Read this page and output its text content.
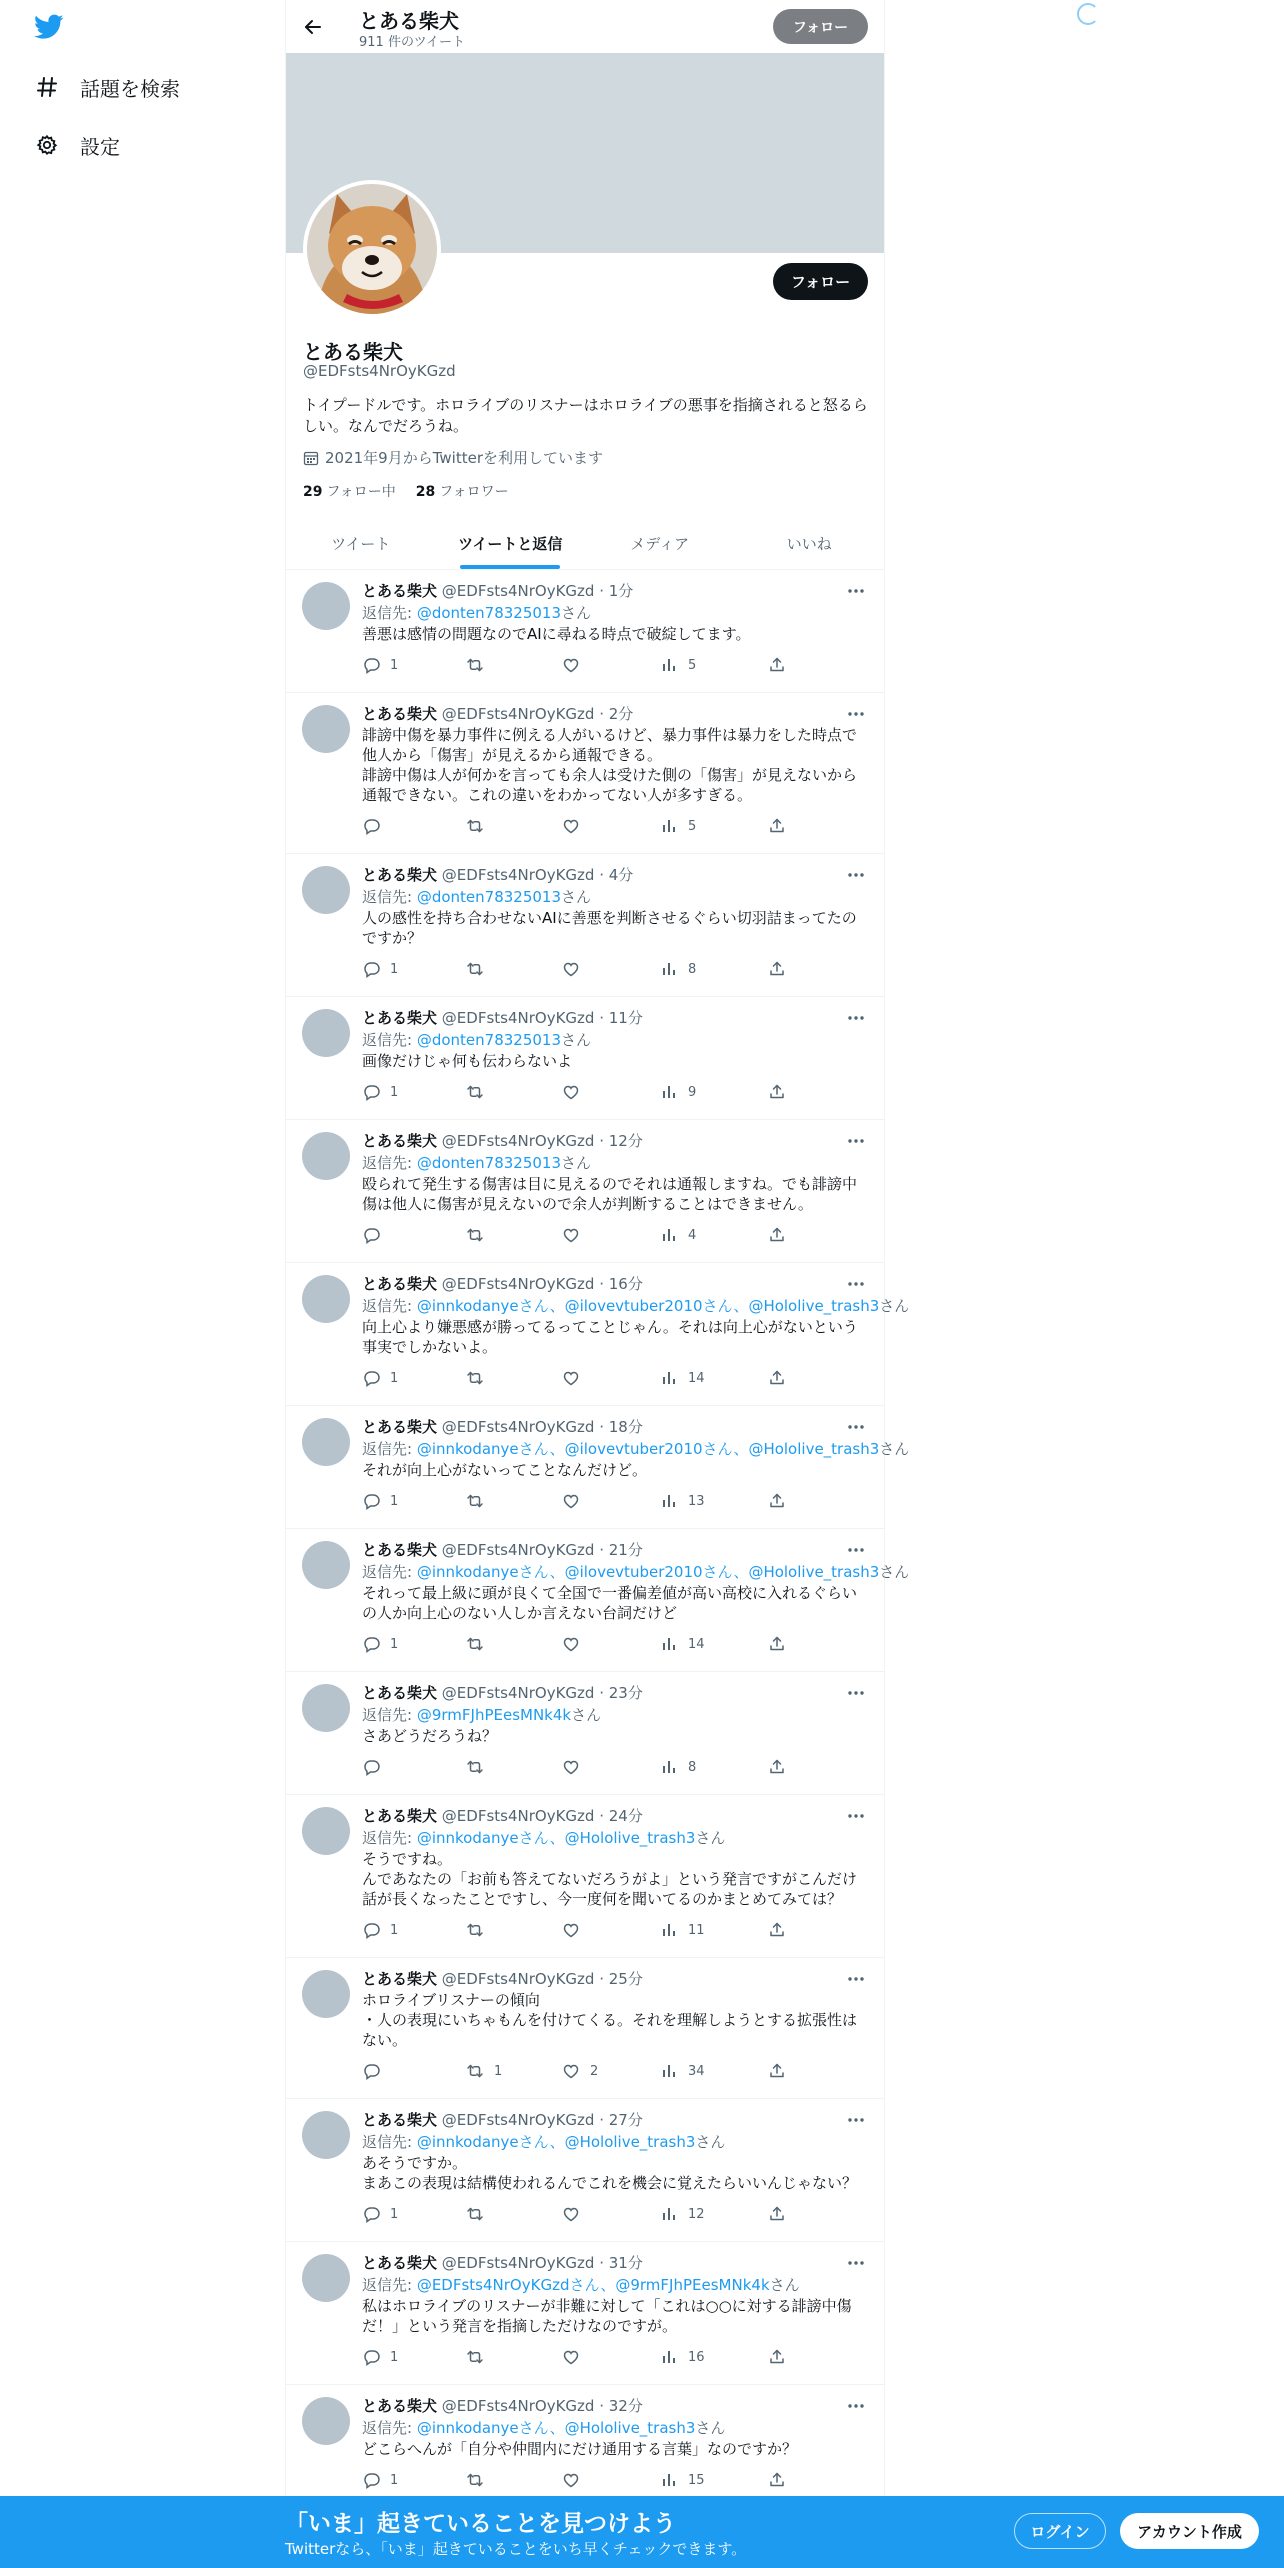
話題を検索
設定
とある柴犬
911 件のツイート
フォロー
フォロー
とある柴犬
@EDFsts4NrOyKGzd
トイプードルです。ホロライブのリスナーはホロライブの悪事を指摘されると怒るらしい。なんでだろうね。
2021年9月からTwitterを利用しています
29 フォロー中 28 フォロワー
ツイート	ツイートと返信	メディア	いいね
とある柴犬 @EDFsts4NrOyKGzd · 1分
返信先: @donten78325013さん
善悪は感情の問題なのでAIに尋ねる時点で破綻してます。
1	5
とある柴犬 @EDFsts4NrOyKGzd · 2分
誹謗中傷を暴力事件に例える人がいるけど、暴力事件は暴力をした時点で他人から「傷害」が見えるから通報できる。
誹謗中傷は人が何かを言っても余人は受けた側の「傷害」が見えないから通報できない。これの違いをわかってない人が多すぎる。
5
とある柴犬 @EDFsts4NrOyKGzd · 4分
返信先: @donten78325013さん
人の感性を持ち合わせないAIに善悪を判断させるぐらい切羽詰まってたのですか？
1	8
とある柴犬 @EDFsts4NrOyKGzd · 11分
返信先: @donten78325013さん
画像だけじゃ何も伝わらないよ
1	9
とある柴犬 @EDFsts4NrOyKGzd · 12分
返信先: @donten78325013さん
殴られて発生する傷害は目に見えるのでそれは通報しますね。でも誹謗中傷は他人に傷害が見えないので余人が判断することはできません。
4
とある柴犬 @EDFsts4NrOyKGzd · 16分
返信先: @innkodanyeさん、@ilovevtuber2010さん、@Hololive_trash3さん
向上心より嫌悪感が勝ってるってことじゃん。それは向上心がないという事実でしかないよ。
1	14
とある柴犬 @EDFsts4NrOyKGzd · 18分
返信先: @innkodanyeさん、@ilovevtuber2010さん、@Hololive_trash3さん
それが向上心がないってことなんだけど。
1	13
とある柴犬 @EDFsts4NrOyKGzd · 21分
返信先: @innkodanyeさん、@ilovevtuber2010さん、@Hololive_trash3さん
それって最上級に頭が良くて全国で一番偏差値が高い高校に入れるぐらいの人か向上心のない人しか言えない台詞だけど
1	14
とある柴犬 @EDFsts4NrOyKGzd · 23分
返信先: @9rmFJhPEesMNk4kさん
さあどうだろうね？
8
とある柴犬 @EDFsts4NrOyKGzd · 24分
返信先: @innkodanyeさん、@Hololive_trash3さん
そうですね。
んであなたの「お前も答えてないだろうがよ」という発言ですがこんだけ話が長くなったことですし、今一度何を聞いてるのかまとめてみては？
1	11
とある柴犬 @EDFsts4NrOyKGzd · 25分
ホロライブリスナーの傾向
・人の表現にいちゃもんを付けてくる。それを理解しようとする拡張性はない。
1	2	34
とある柴犬 @EDFsts4NrOyKGzd · 27分
返信先: @innkodanyeさん、@Hololive_trash3さん
あそうですか。
まあこの表現は結構使われるんでこれを機会に覚えたらいいんじゃない？
1	12
とある柴犬 @EDFsts4NrOyKGzd · 31分
返信先: @EDFsts4NrOyKGzdさん、@9rmFJhPEesMNk4kさん
私はホロライブのリスナーが非難に対して「これは○○に対する誹謗中傷だ！」という発言を指摘しただけなのですが。
1	16
とある柴犬 @EDFsts4NrOyKGzd · 32分
返信先: @innkodanyeさん、@Hololive_trash3さん
どこらへんが「自分や仲間内にだけ通用する言葉」なのですか？
1	15
「いま」起きていることを見つけよう
Twitterなら、「いま」起きていることをいち早くチェックできます。
ログイン	アカウント作成
